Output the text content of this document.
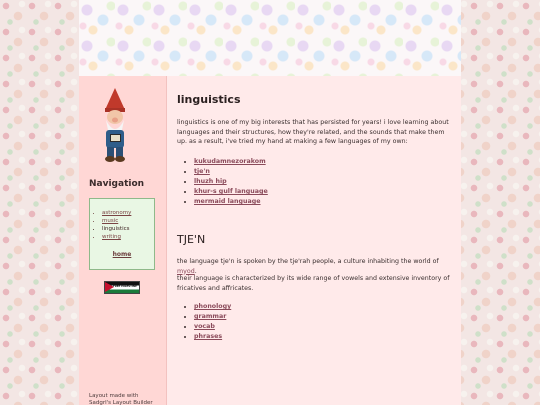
Navigation
• astronomy
• music
• linguistics
• writing
home
FREE PALESTINE
Layout made with Sadgrl's Layout Builder
linguistics

linguistics is one of my big interests that has persisted for years! i love learning about languages and their structures, how they're related, and the sounds that make them up. as a result, i've tried my hand at making a few languages of my own:

• kukudamnezorakom
• tje'n
• lhuzh hip
• khur-s gulf language
• mermaid language
TJE'N

the language tje'n is spoken by the tje'rah people, a culture inhabiting the world of myod.

their language is characterized by its wide range of vowels and extensive inventory of fricatives and affricates.

• phonology
• grammar
• vocab
• phrases
